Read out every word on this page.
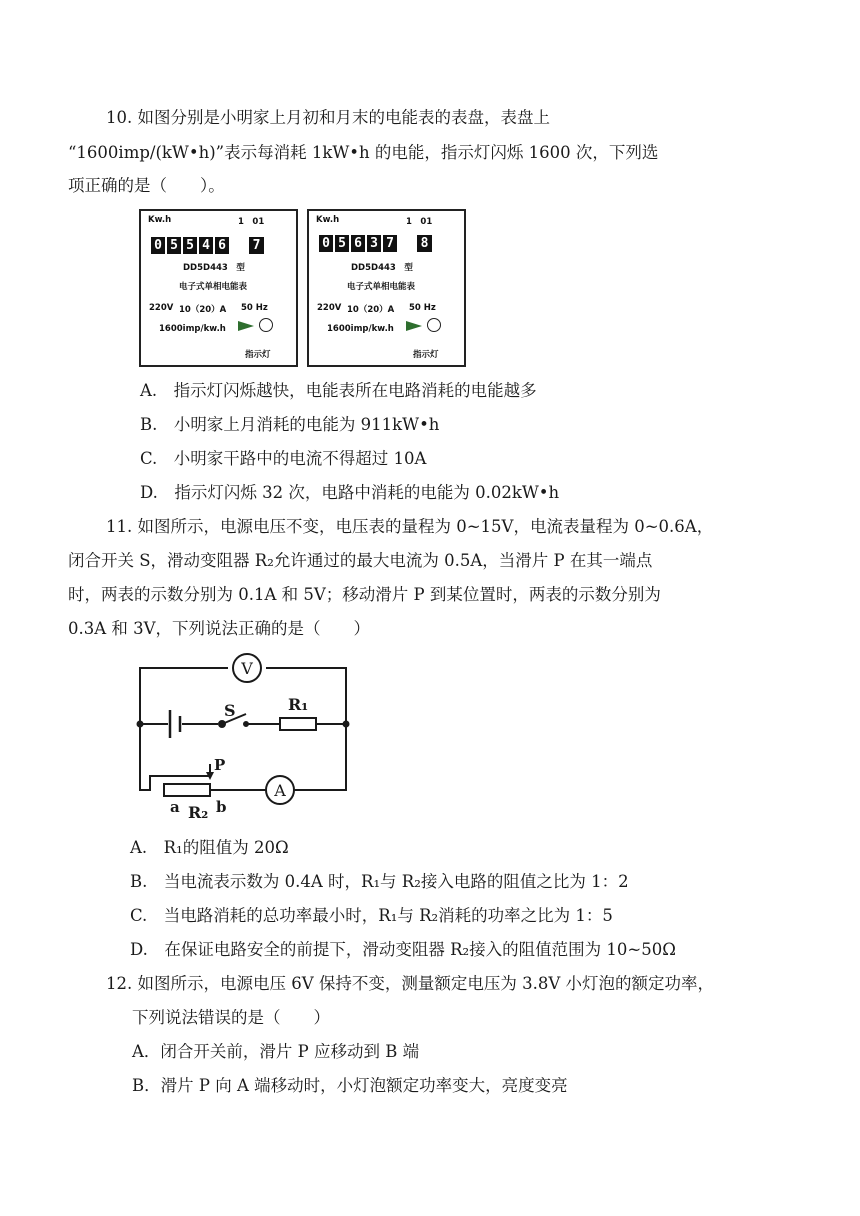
10. 如图分别是小明家上月初和月末的电能表的表盘，表盘上
“1600imp/(kW•h)”表示每消耗 1kW•h 的电能，指示灯闪烁 1600 次，下列选
项正确的是（　　）。
Kw.h	1　01
0 5 5 4 6 7
DD5D443　型
电子式单相电能表
220V 10（20）A 50 Hz
1600imp/kw.h
指示灯
Kw.h	1　01
0 5 6 3 7 8
DD5D443　型
电子式单相电能表
220V 10（20）A 50 Hz
1600imp/kw.h
指示灯
A.　指示灯闪烁越快，电能表所在电路消耗的电能越多
B.　小明家上月消耗的电能为 911kW•h
C.　小明家干路中的电流不得超过 10A
D.　指示灯闪烁 32 次，电路中消耗的电能为 0.02kW•h
11. 如图所示，电源电压不变，电压表的量程为 0~15V，电流表量程为 0~0.6A，
闭合开关 S，滑动变阻器 R₂允许通过的最大电流为 0.5A，当滑片 P 在其一端点
时，两表的示数分别为 0.1A 和 5V；移动滑片 P 到某位置时，两表的示数分别为
0.3A 和 3V，下列说法正确的是（　　）
V
S	R₁
P
a R₂ b
A
A.　R₁的阻值为 20Ω
B.　当电流表示数为 0.4A 时，R₁与 R₂接入电路的阻值之比为 1：2
C.　当电路消耗的总功率最小时，R₁与 R₂消耗的功率之比为 1：5
D.　在保证电路安全的前提下，滑动变阻器 R₂接入的阻值范围为 10~50Ω
12. 如图所示，电源电压 6V 保持不变，测量额定电压为 3.8V 小灯泡的额定功率，
下列说法错误的是（　　）
A．闭合开关前，滑片 P 应移动到 B 端
B．滑片 P 向 A 端移动时，小灯泡额定功率变大，亮度变亮
